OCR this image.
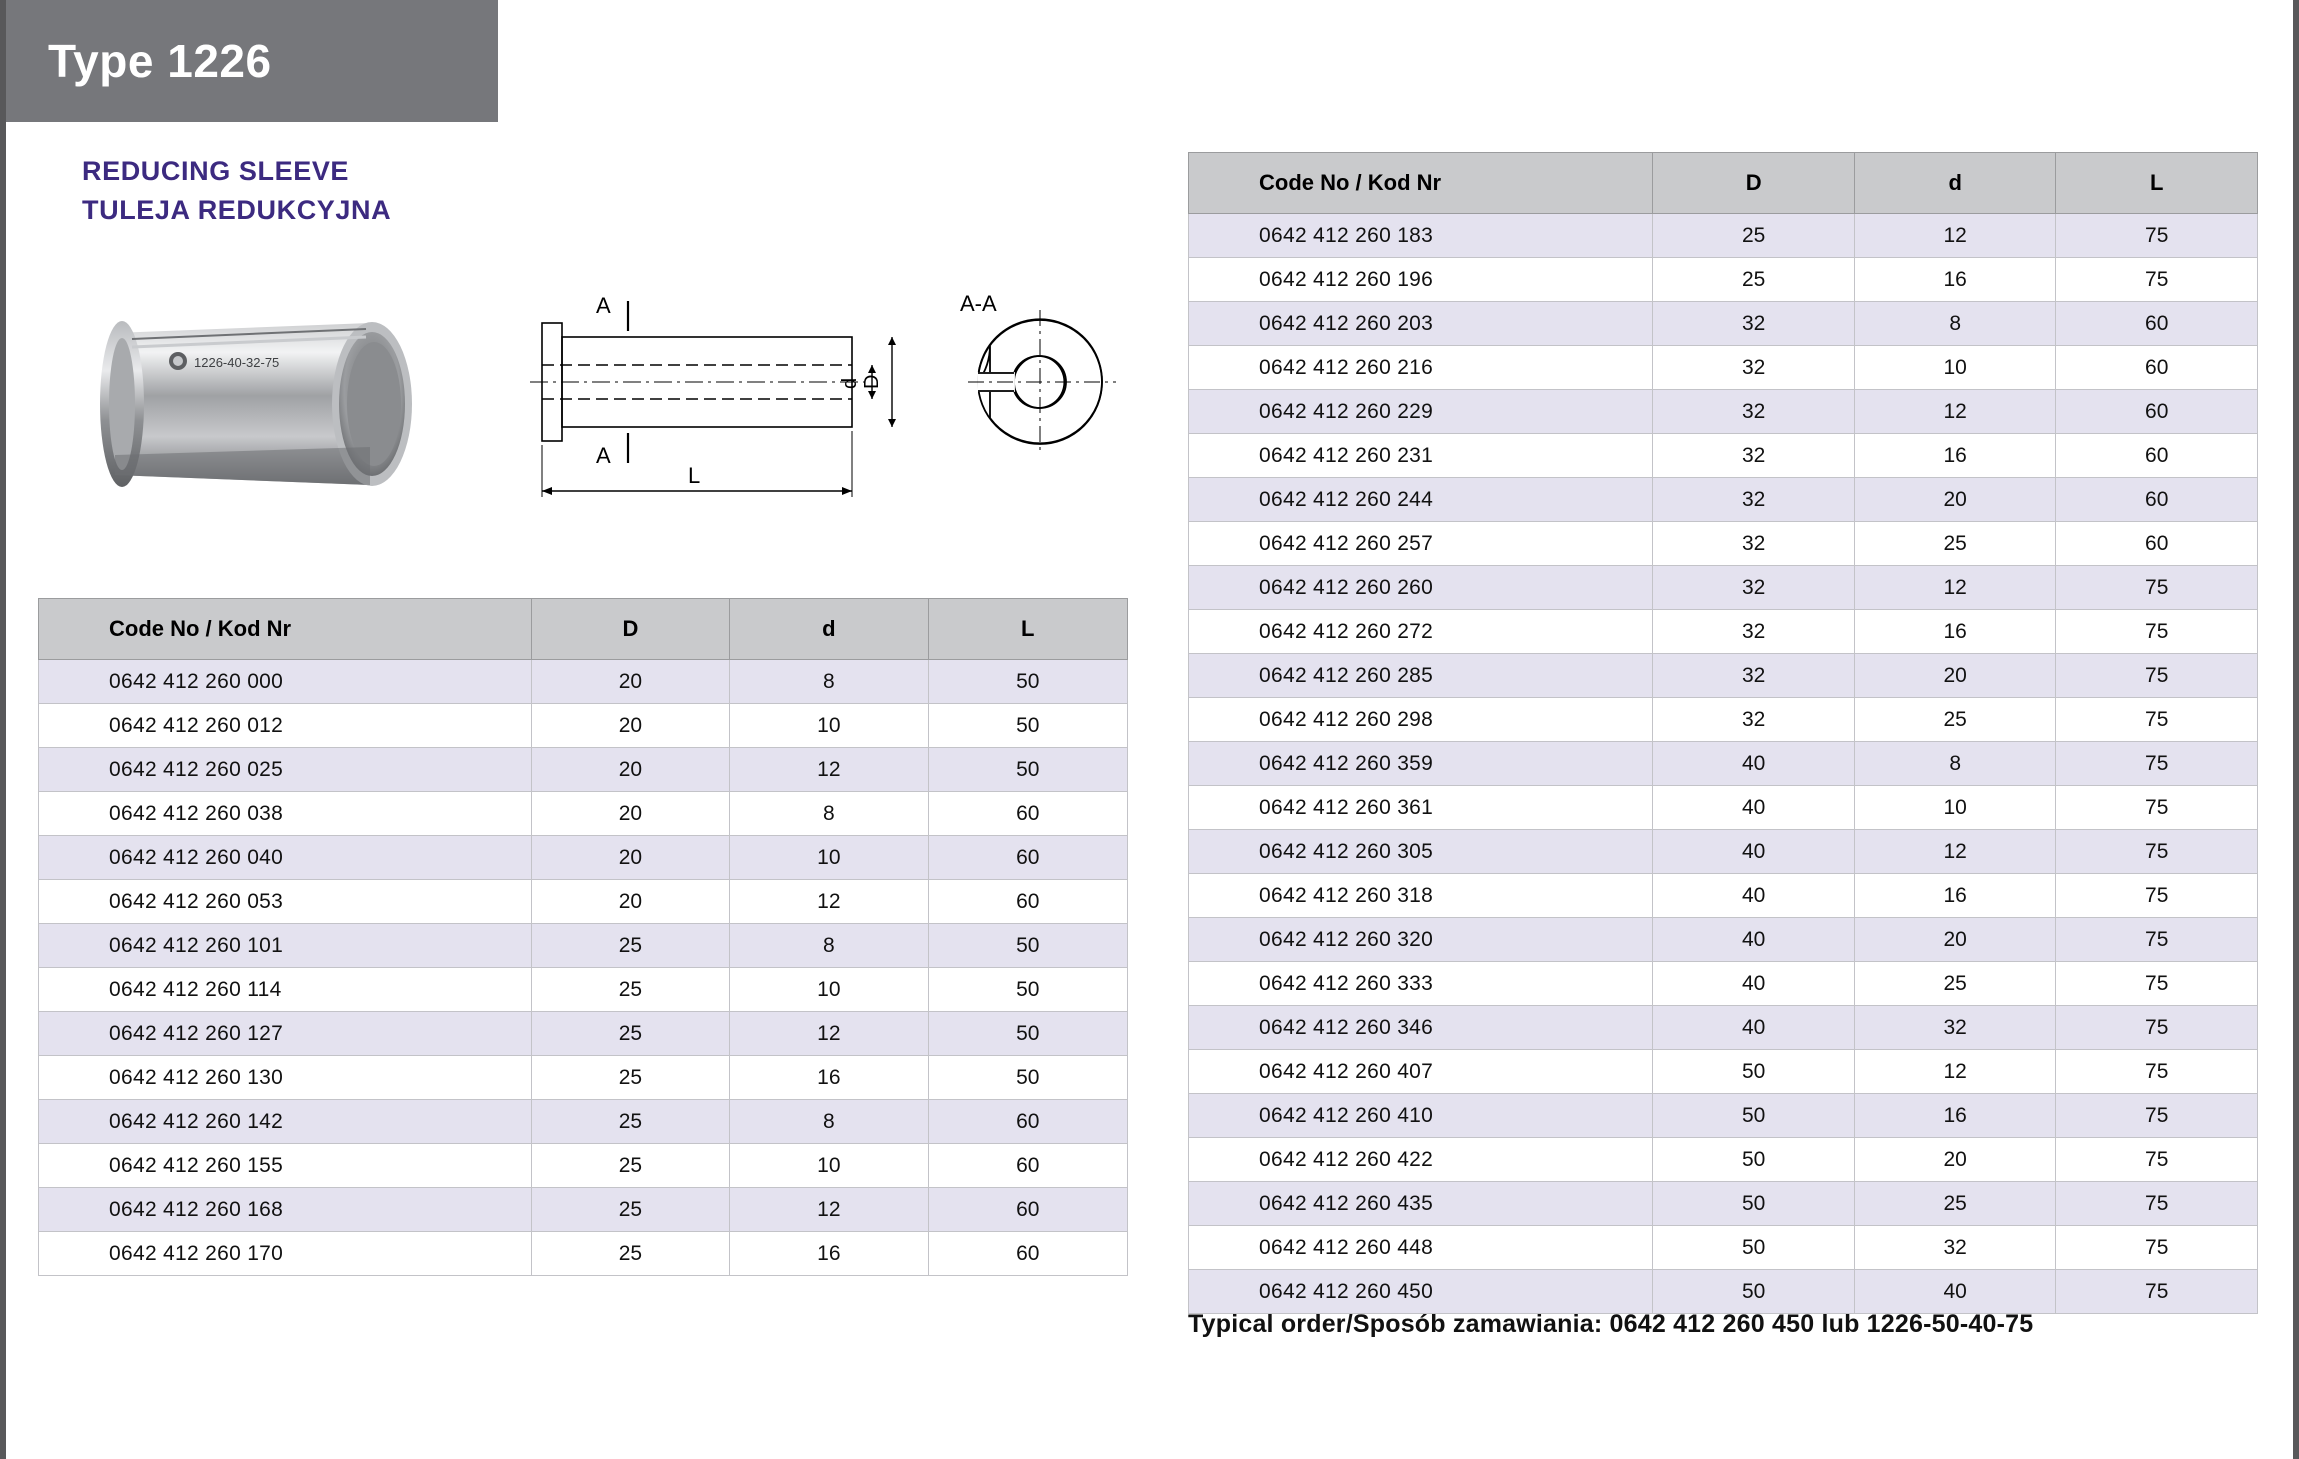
Type 1226
REDUCING SLEEVE
TULEJA REDUKCYJNA
1226-40-32-75
A
A
d D
L
A-A
Code No / Kod Nr	D	d	L
0642 412 260 000	20	8	50
0642 412 260 012	20	10	50
0642 412 260 025	20	12	50
0642 412 260 038	20	8	60
0642 412 260 040	20	10	60
0642 412 260 053	20	12	60
0642 412 260 101	25	8	50
0642 412 260 114	25	10	50
0642 412 260 127	25	12	50
0642 412 260 130	25	16	50
0642 412 260 142	25	8	60
0642 412 260 155	25	10	60
0642 412 260 168	25	12	60
0642 412 260 170	25	16	60
Code No / Kod Nr	D	d	L
0642 412 260 183	25	12	75
0642 412 260 196	25	16	75
0642 412 260 203	32	8	60
0642 412 260 216	32	10	60
0642 412 260 229	32	12	60
0642 412 260 231	32	16	60
0642 412 260 244	32	20	60
0642 412 260 257	32	25	60
0642 412 260 260	32	12	75
0642 412 260 272	32	16	75
0642 412 260 285	32	20	75
0642 412 260 298	32	25	75
0642 412 260 359	40	8	75
0642 412 260 361	40	10	75
0642 412 260 305	40	12	75
0642 412 260 318	40	16	75
0642 412 260 320	40	20	75
0642 412 260 333	40	25	75
0642 412 260 346	40	32	75
0642 412 260 407	50	12	75
0642 412 260 410	50	16	75
0642 412 260 422	50	20	75
0642 412 260 435	50	25	75
0642 412 260 448	50	32	75
0642 412 260 450	50	40	75
Typical order/Sposób zamawiania: 0642 412 260 450 lub 1226-50-40-75
